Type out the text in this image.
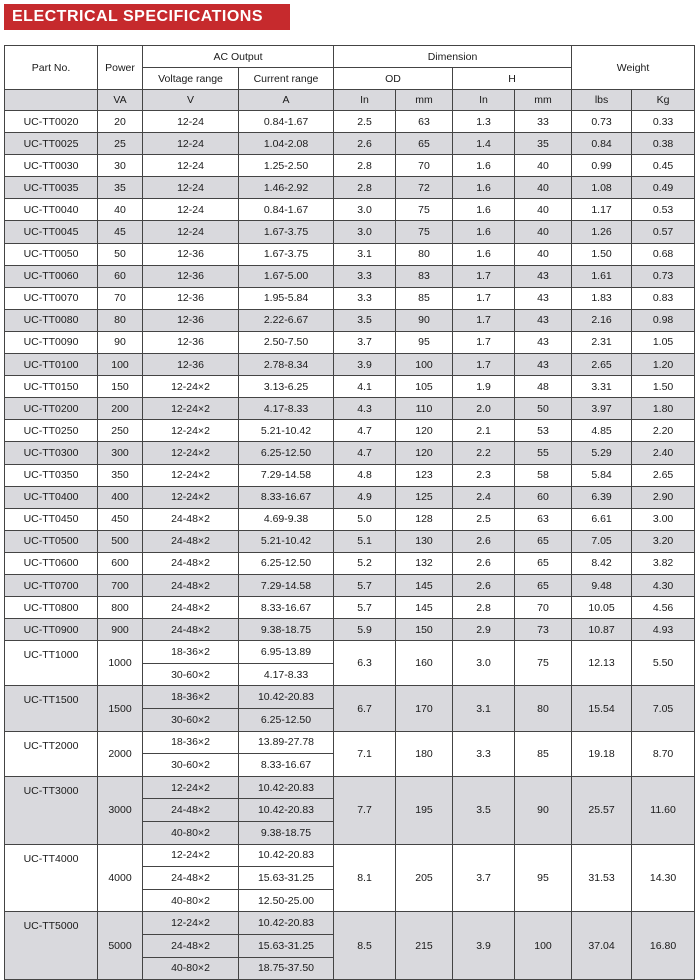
ELECTRICAL SPECIFICATIONS
Part No.	Power	AC Output		Dimension				Weight	
		Voltage range	Current range	OD		H			
	VA	V	A	In	mm	In	mm	lbs	Kg
UC-TT0020	20	12-24	0.84-1.67	2.5	63	1.3	33	0.73	0.33
UC-TT0025	25	12-24	1.04-2.08	2.6	65	1.4	35	0.84	0.38
UC-TT0030	30	12-24	1.25-2.50	2.8	70	1.6	40	0.99	0.45
UC-TT0035	35	12-24	1.46-2.92	2.8	72	1.6	40	1.08	0.49
UC-TT0040	40	12-24	0.84-1.67	3.0	75	1.6	40	1.17	0.53
UC-TT0045	45	12-24	1.67-3.75	3.0	75	1.6	40	1.26	0.57
UC-TT0050	50	12-36	1.67-3.75	3.1	80	1.6	40	1.50	0.68
UC-TT0060	60	12-36	1.67-5.00	3.3	83	1.7	43	1.61	0.73
UC-TT0070	70	12-36	1.95-5.84	3.3	85	1.7	43	1.83	0.83
UC-TT0080	80	12-36	2.22-6.67	3.5	90	1.7	43	2.16	0.98
UC-TT0090	90	12-36	2.50-7.50	3.7	95	1.7	43	2.31	1.05
UC-TT0100	100	12-36	2.78-8.34	3.9	100	1.7	43	2.65	1.20
UC-TT0150	150	12-24×2	3.13-6.25	4.1	105	1.9	48	3.31	1.50
UC-TT0200	200	12-24×2	4.17-8.33	4.3	110	2.0	50	3.97	1.80
UC-TT0250	250	12-24×2	5.21-10.42	4.7	120	2.1	53	4.85	2.20
UC-TT0300	300	12-24×2	6.25-12.50	4.7	120	2.2	55	5.29	2.40
UC-TT0350	350	12-24×2	7.29-14.58	4.8	123	2.3	58	5.84	2.65
UC-TT0400	400	12-24×2	8.33-16.67	4.9	125	2.4	60	6.39	2.90
UC-TT0450	450	24-48×2	4.69-9.38	5.0	128	2.5	63	6.61	3.00
UC-TT0500	500	24-48×2	5.21-10.42	5.1	130	2.6	65	7.05	3.20
UC-TT0600	600	24-48×2	6.25-12.50	5.2	132	2.6	65	8.42	3.82
UC-TT0700	700	24-48×2	7.29-14.58	5.7	145	2.6	65	9.48	4.30
UC-TT0800	800	24-48×2	8.33-16.67	5.7	145	2.8	70	10.05	4.56
UC-TT0900	900	24-48×2	9.38-18.75	5.9	150	2.9	73	10.87	4.93
UC-TT1000	1000	18-36×2	6.95-13.89	6.3	160	3.0	75	12.13	5.50
		30-60×2	4.17-8.33						
UC-TT1500	1500	18-36×2	10.42-20.83	6.7	170	3.1	80	15.54	7.05
		30-60×2	6.25-12.50						
UC-TT2000	2000	18-36×2	13.89-27.78	7.1	180	3.3	85	19.18	8.70
		30-60×2	8.33-16.67						
UC-TT3000	3000	12-24×2	10.42-20.83	7.7	195	3.5	90	25.57	11.60
		24-48×2	10.42-20.83						
		40-80×2	9.38-18.75						
UC-TT4000	4000	12-24×2	10.42-20.83	8.1	205	3.7	95	31.53	14.30
		24-48×2	15.63-31.25						
		40-80×2	12.50-25.00						
UC-TT5000	5000	12-24×2	10.42-20.83	8.5	215	3.9	100	37.04	16.80
		24-48×2	15.63-31.25						
		40-80×2	18.75-37.50						
